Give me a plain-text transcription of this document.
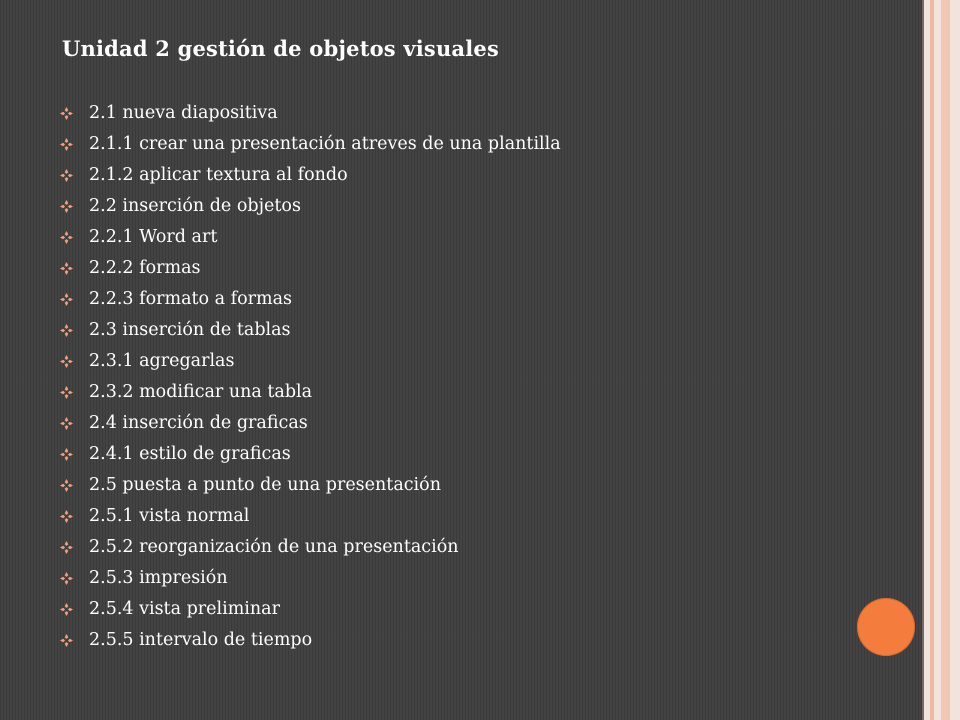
Unidad 2 gestión de objetos visuales
2.1 nueva diapositiva
2.1.1 crear una presentación atreves de una plantilla
2.1.2 aplicar textura al fondo
2.2 inserción de objetos
2.2.1 Word art
2.2.2 formas
2.2.3 formato a formas
2.3 inserción de tablas
2.3.1 agregarlas
2.3.2 modificar una tabla
2.4 inserción de graficas
2.4.1 estilo de graficas
2.5 puesta a punto de una presentación
2.5.1 vista normal
2.5.2 reorganización de una presentación
2.5.3 impresión
2.5.4 vista preliminar
2.5.5 intervalo de tiempo
